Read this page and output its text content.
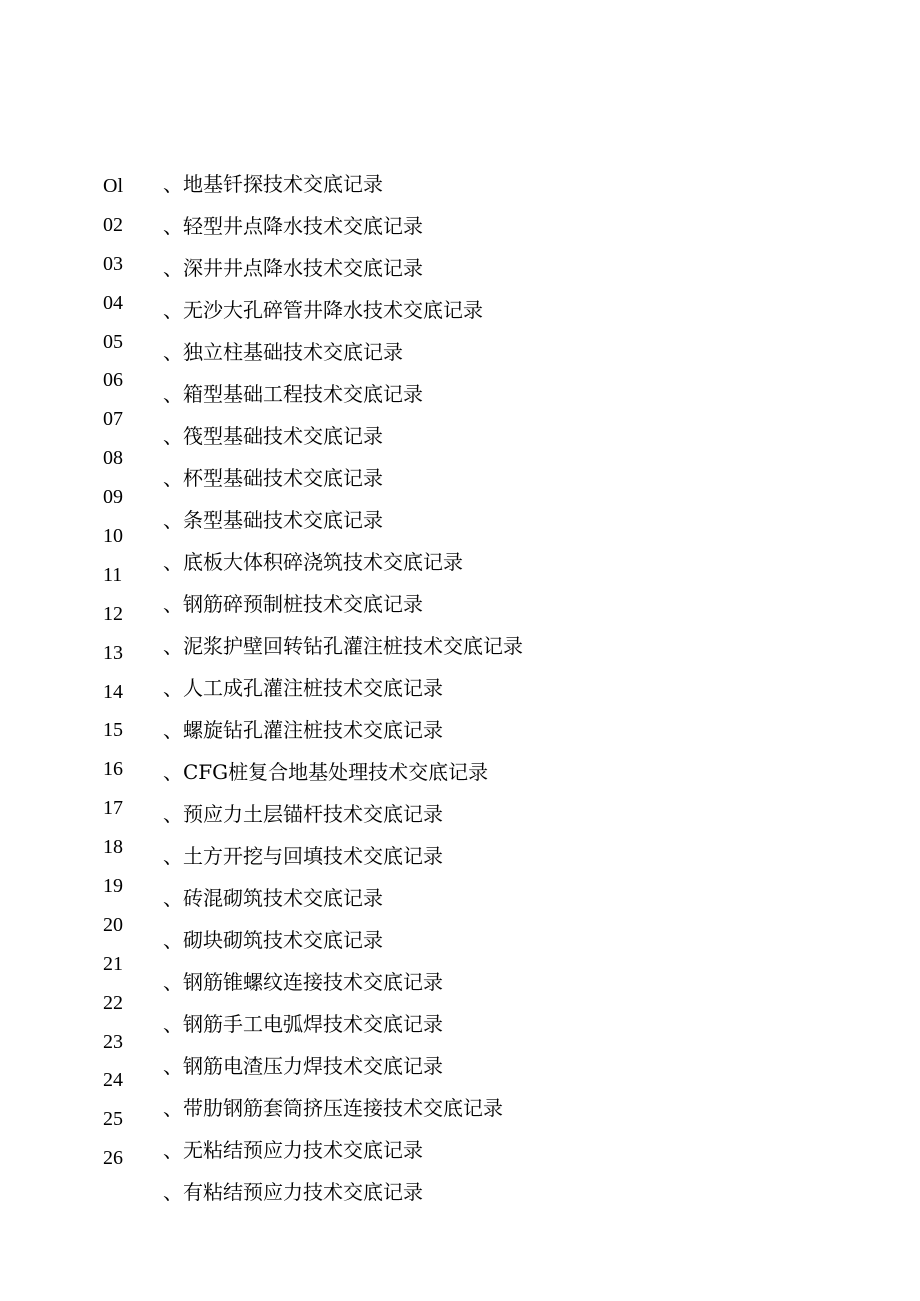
Ol
02
03
04
05
06
07
08
09
10
11
12
13
14
15
16
17
18
19
20
21
22
23
24
25
26
、地基钎探技术交底记录
、轻型井点降水技术交底记录
、深井井点降水技术交底记录
、无沙大孔碎管井降水技术交底记录
、独立柱基础技术交底记录
、箱型基础工程技术交底记录
、筏型基础技术交底记录
、杯型基础技术交底记录
、条型基础技术交底记录
、底板大体积碎浇筑技术交底记录
、钢筋碎预制桩技术交底记录
、泥浆护壁回转钻孔灌注桩技术交底记录
、人工成孔灌注桩技术交底记录
、螺旋钻孔灌注桩技术交底记录
、CFG桩复合地基处理技术交底记录
、预应力土层锚杆技术交底记录
、土方开挖与回填技术交底记录
、砖混砌筑技术交底记录
、砌块砌筑技术交底记录
、钢筋锥螺纹连接技术交底记录
、钢筋手工电弧焊技术交底记录
、钢筋电渣压力焊技术交底记录
、带肋钢筋套筒挤压连接技术交底记录
、无粘结预应力技术交底记录
、有粘结预应力技术交底记录
